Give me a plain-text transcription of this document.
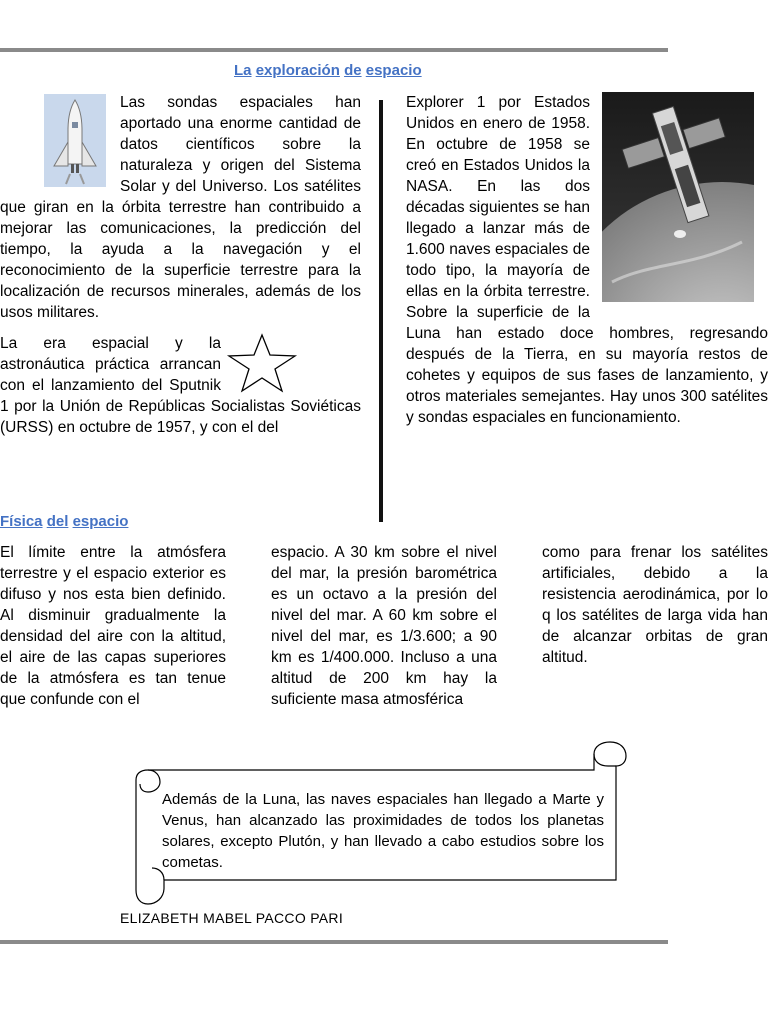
La exploración de espacio

Las sondas espaciales han aportado una enorme cantidad de datos científicos sobre la naturaleza y origen del Sistema Solar y del Universo. Los satélites que giran en la órbita terrestre han contribuido a mejorar las comunicaciones, la predicción del tiempo, la ayuda a la navegación y el reconocimiento de la superficie terrestre para la localización de recursos minerales, además de los usos militares.

La era espacial y la astronáutica práctica arrancan con el lanzamiento del Sputnik 1 por la Unión de Repúblicas Socialistas Soviéticas (URSS) en octubre de 1957, y con el del

Explorer 1 por Estados Unidos en enero de 1958. En octubre de 1958 se creó en Estados Unidos la NASA. En las dos décadas siguientes se han llegado a lanzar más de 1.600 naves espaciales de todo tipo, la mayoría de ellas en la órbita terrestre. Sobre la superficie de la Luna han estado doce hombres, regresando después de la Tierra, en su mayoría restos de cohetes y equipos de sus fases de lanzamiento, y otros materiales semejantes. Hay unos 300 satélites y sondas espaciales en funcionamiento.

Física del espacio
El límite entre la atmósfera terrestre y el espacio exterior es difuso y nos esta bien definido. Al disminuir gradualmente la densidad del aire con la altitud, el aire de las capas superiores de la atmósfera es tan tenue que confunde con el
espacio. A 30 km sobre el nivel del mar, la presión barométrica es un octavo a la presión del nivel del mar. A 60 km sobre el nivel del mar, es 1/3.600; a 90 km es 1/400.000. Incluso a una altitud de 200 km hay la suficiente masa atmosférica
como para frenar los satélites artificiales, debido a la resistencia aerodinámica, por lo q los satélites de larga vida han de alcanzar orbitas de gran altitud.
Además de la Luna, las naves espaciales han llegado a Marte y Venus, han alcanzado las proximidades de todos los planetas solares, excepto Plutón, y han llevado a cabo estudios sobre los cometas.
ELIZABETH MABEL PACCO PARI
